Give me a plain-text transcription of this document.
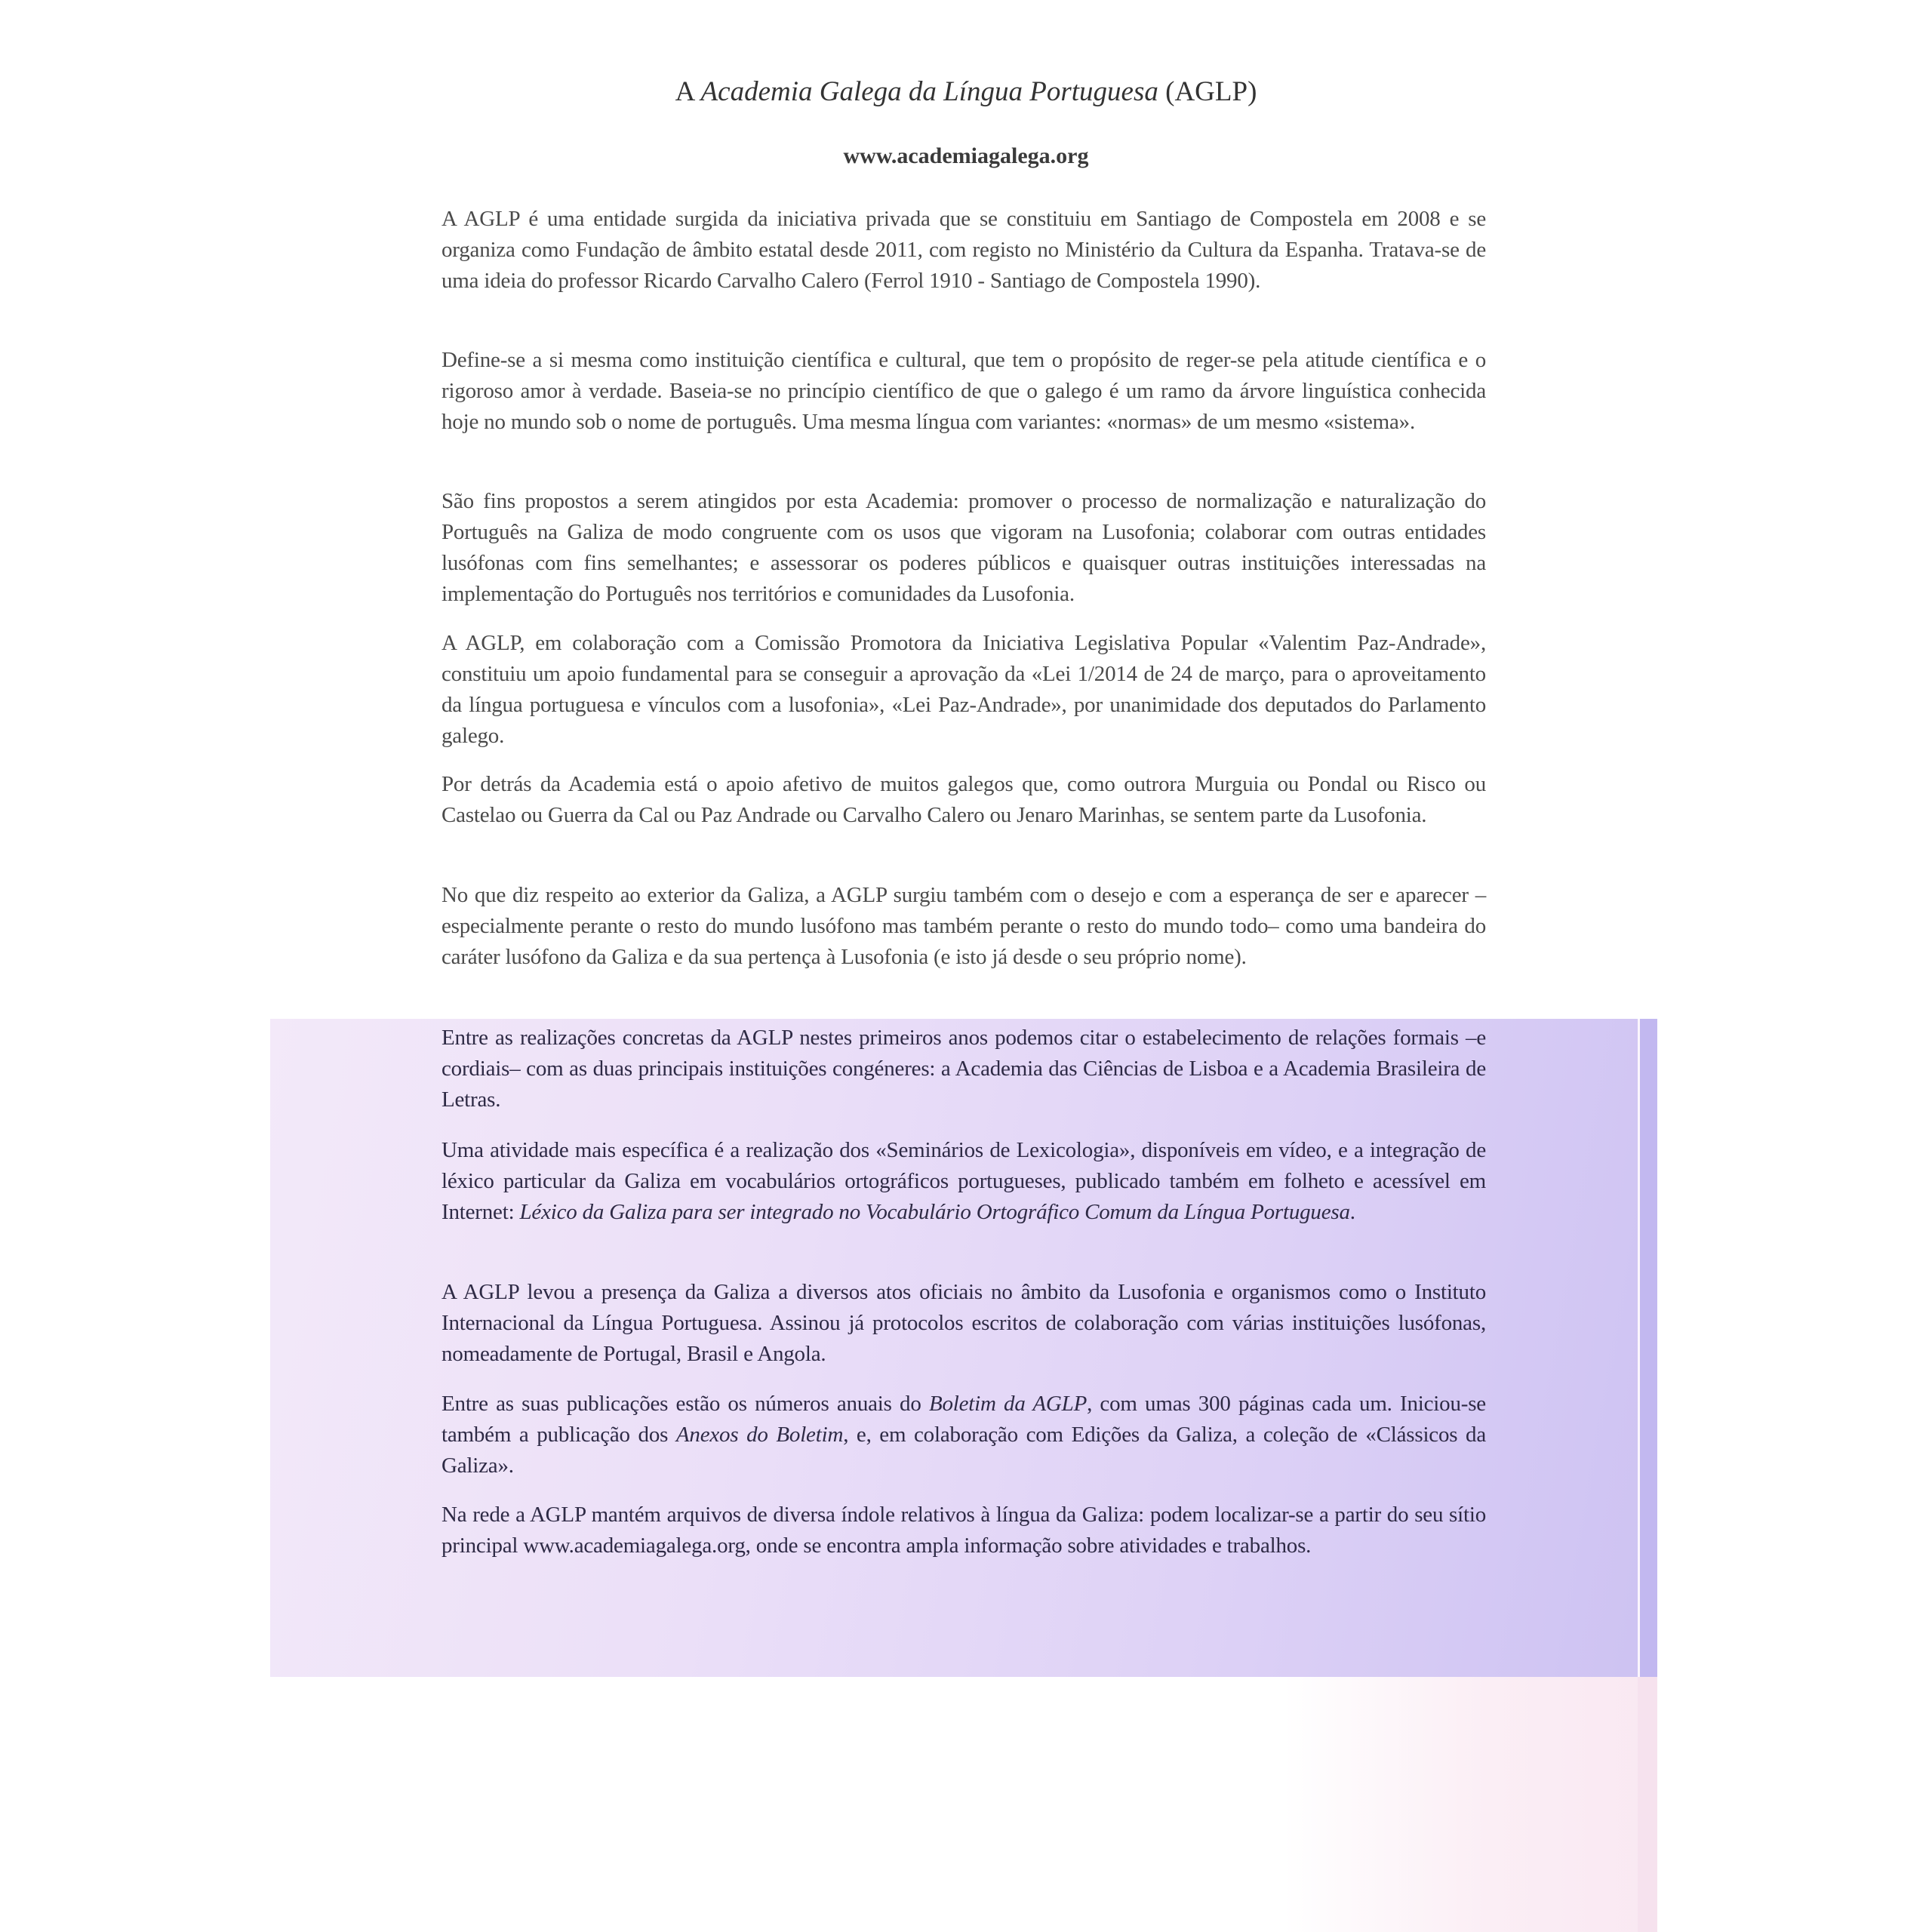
A Academia Galega da Língua Portuguesa (AGLP)
www.academiagalega.org

A AGLP é uma entidade surgida da iniciativa privada que se constituiu em Santiago de Compostela em 2008 e se organiza como Fundação de âmbito estatal desde 2011, com registo no Ministério da Cultura da Espanha. Tratava-se de uma ideia do professor Ricardo Carvalho Calero (Ferrol 1910 - Santiago de Compostela 1990).

Define-se a si mesma como instituição científica e cultural, que tem o propósito de reger-se pela atitude científica e o rigoroso amor à verdade. Baseia-se no princípio científico de que o galego é um ramo da árvore linguística conhecida hoje no mundo sob o nome de português. Uma mesma língua com variantes: «normas» de um mesmo «sistema».

São fins propostos a serem atingidos por esta Academia: promover o processo de normalização e naturalização do Português na Galiza de modo congruente com os usos que vigoram na Lusofonia; colaborar com outras entidades lusófonas com fins semelhantes; e assessorar os poderes públicos e quaisquer outras instituições interessadas na implementação do Português nos territórios e comunidades da Lusofonia.

A AGLP, em colaboração com a Comissão Promotora da Iniciativa Legislativa Popular «Valentim Paz-Andrade», constituiu um apoio fundamental para se conseguir a aprovação da «Lei 1/2014 de 24 de março, para o aproveitamento da língua portuguesa e vínculos com a lusofonia», «Lei Paz-Andrade», por unanimidade dos deputados do Parlamento galego.

Por detrás da Academia está o apoio afetivo de muitos galegos que, como outrora Murguia ou Pondal ou Risco ou Castelao ou Guerra da Cal ou Paz Andrade ou Carvalho Calero ou Jenaro Marinhas, se sentem parte da Lusofonia.

No que diz respeito ao exterior da Galiza, a AGLP surgiu também com o desejo e com a esperança de ser e aparecer –especialmente perante o resto do mundo lusófono mas também perante o resto do mundo todo– como uma bandeira do caráter lusófono da Galiza e da sua pertença à Lusofonia (e isto já desde o seu próprio nome).

Entre as realizações concretas da AGLP nestes primeiros anos podemos citar o estabelecimento de relações formais –e cordiais– com as duas principais instituições congéneres: a Academia das Ciências de Lisboa e a Academia Brasileira de Letras.

Uma atividade mais específica é a realização dos «Seminários de Lexicologia», disponíveis em vídeo, e a integração de léxico particular da Galiza em vocabulários ortográficos portugueses, publicado também em folheto e acessível em Internet: Léxico da Galiza para ser integrado no Vocabulário Ortográfico Comum da Língua Portuguesa.

A AGLP levou a presença da Galiza a diversos atos oficiais no âmbito da Lusofonia e organismos como o Instituto Internacional da Língua Portuguesa. Assinou já protocolos escritos de colaboração com várias instituições lusófonas, nomeadamente de Portugal, Brasil e Angola.

Entre as suas publicações estão os números anuais do Boletim da AGLP, com umas 300 páginas cada um. Iniciou-se também a publicação dos Anexos do Boletim, e, em colaboração com Edições da Galiza, a coleção de «Clássicos da Galiza».

Na rede a AGLP mantém arquivos de diversa índole relativos à língua da Galiza: podem localizar-se a partir do seu sítio principal www.academiagalega.org, onde se encontra ampla informação sobre atividades e trabalhos.
